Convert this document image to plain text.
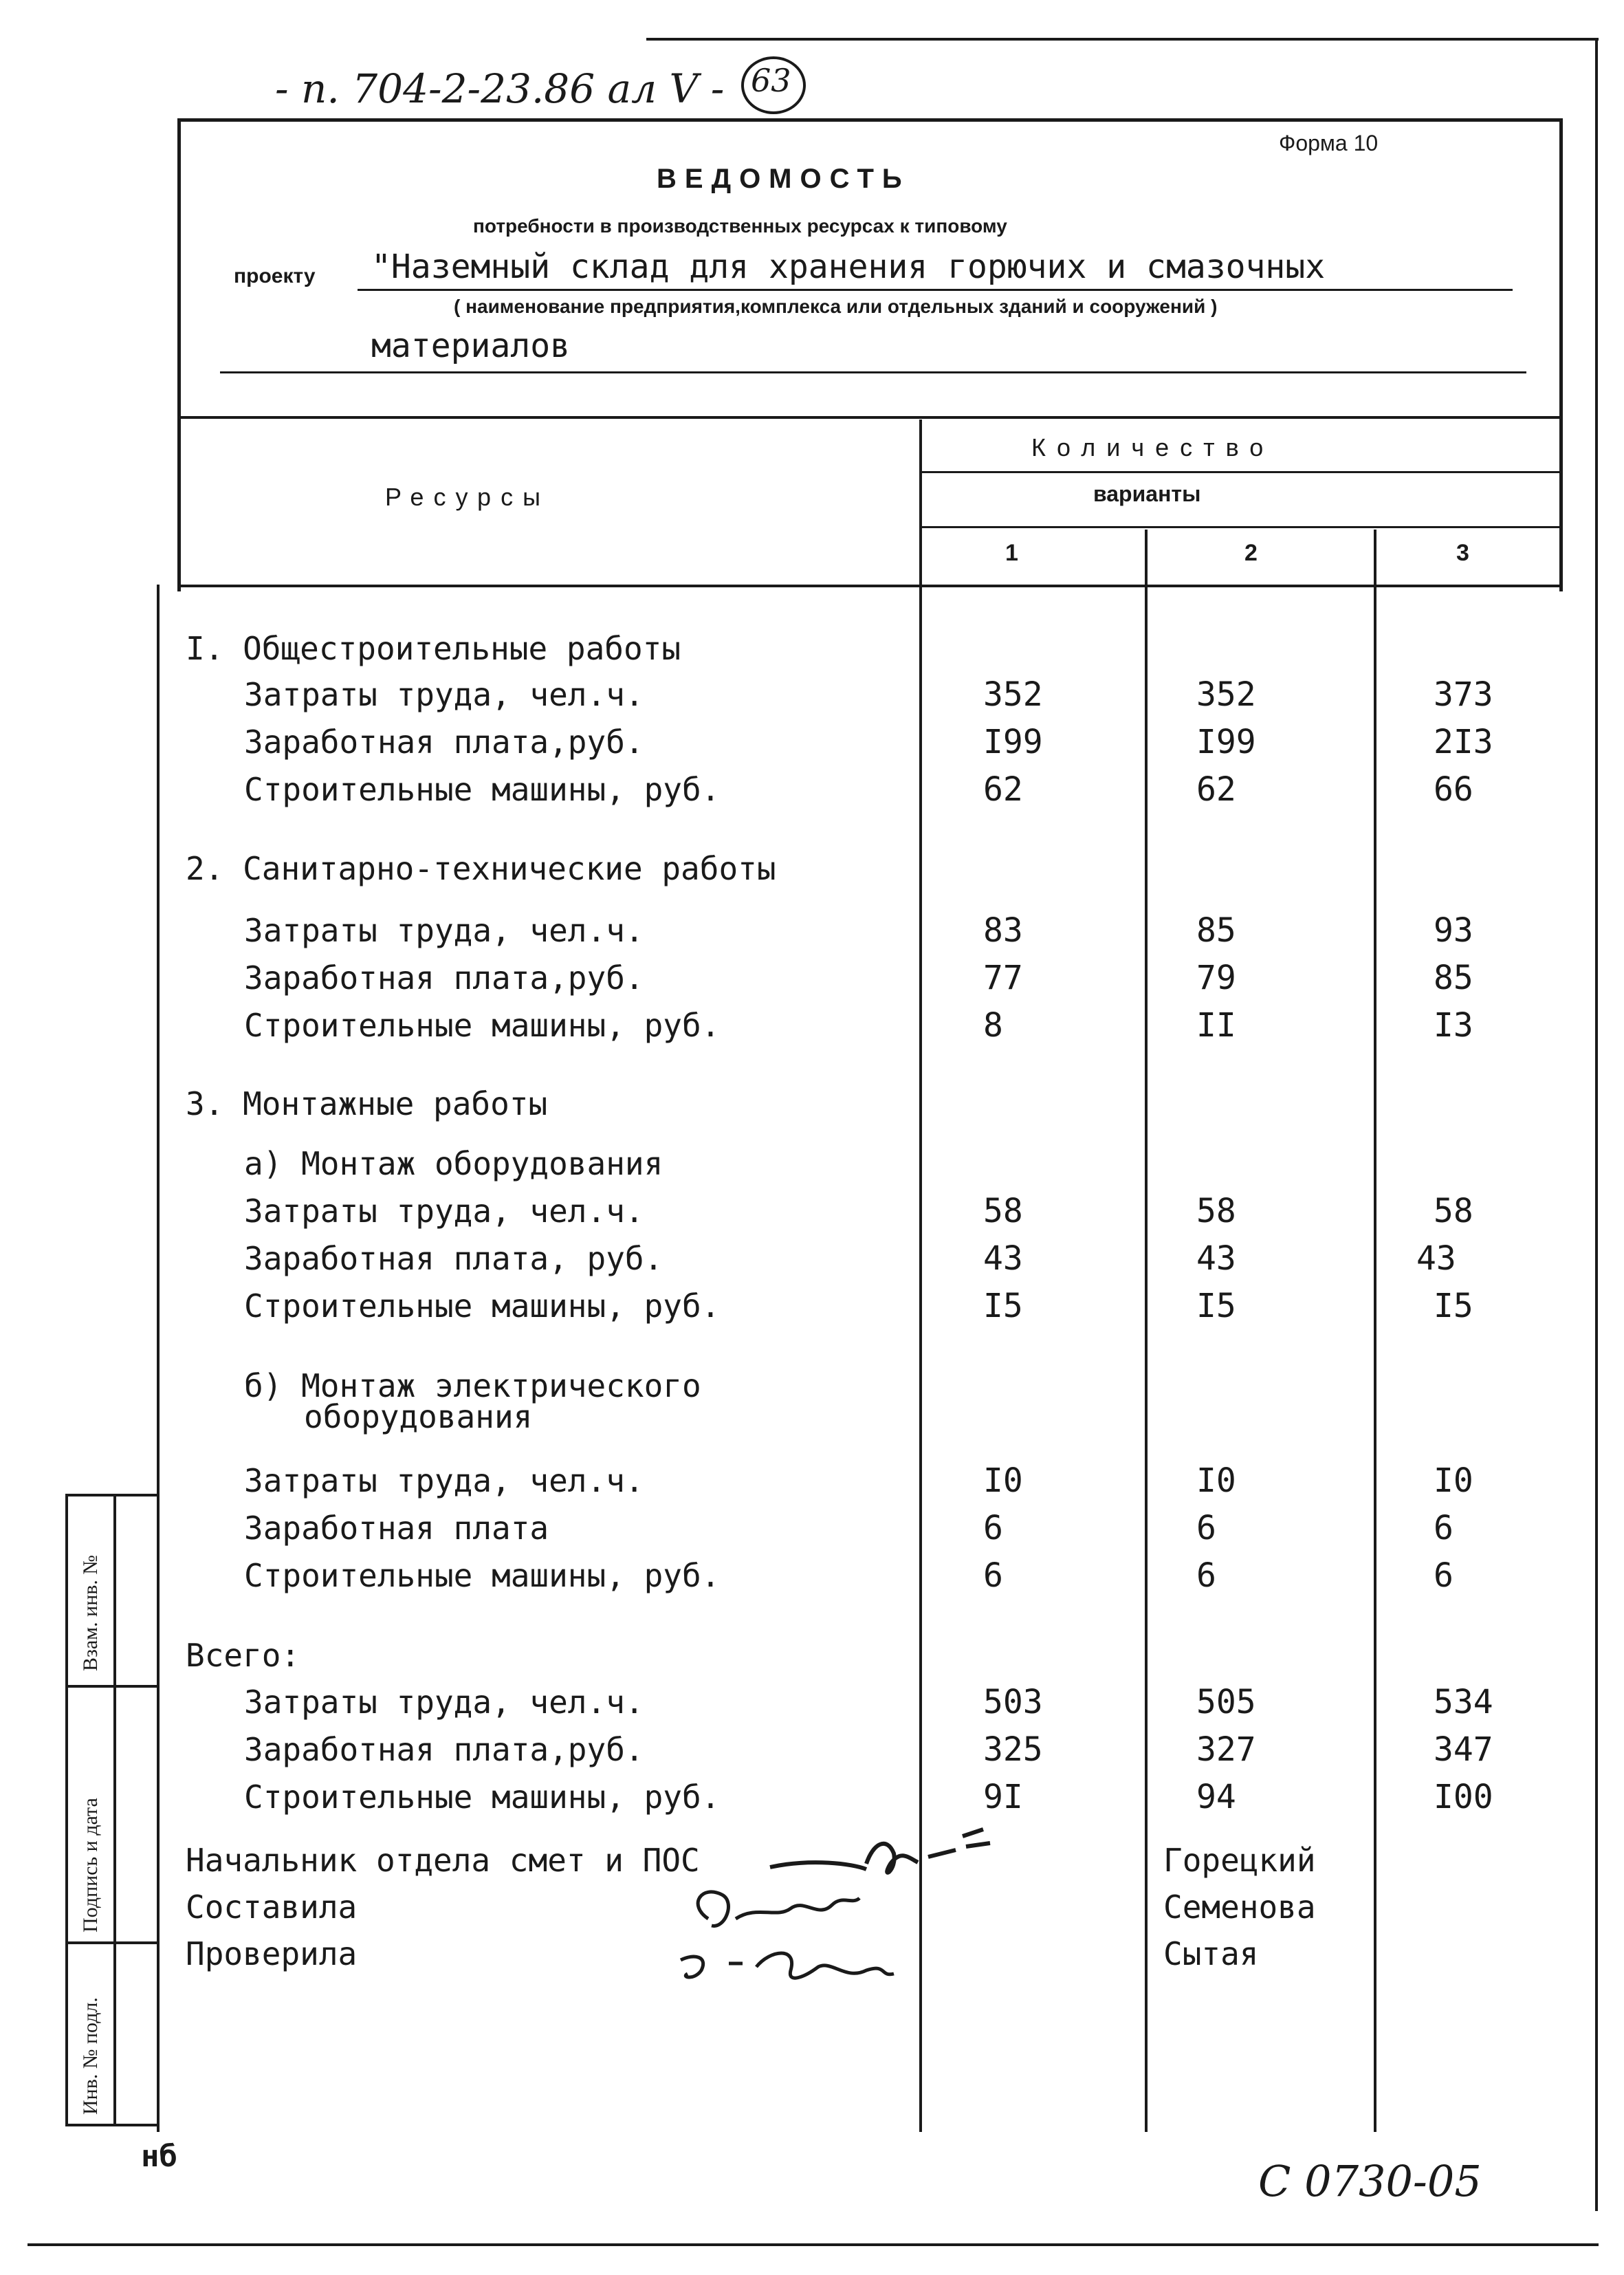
- п. 704-2-23.86 ал V - 63
Форма 10
ВЕДОМОСТЬ
потребности в производственных ресурсах к типовому
проекту "Наземный склад для хранения горючих и смазочных
( наименование предприятия,комплекса или отдельных зданий и сооружений )
материалов
Ресурсы
Количество
варианты
1	2	3
I. Общестроительные работы
Затраты труда, чел.ч.	352	352	373
Заработная плата,руб.	I99	I99	2I3
Строительные машины, руб.	62	62	66
2. Санитарно-технические работы
Затраты труда, чел.ч.	83	85	93
Заработная плата,руб.	77	79	85
Строительные машины, руб.	8	II	I3
3. Монтажные работы
а) Монтаж оборудования
Затраты труда, чел.ч.	58	58	58
Заработная плата, руб.	43	43	43
Строительные машины, руб.	I5	I5	I5
б) Монтаж электрического
оборудования
Затраты труда, чел.ч.	I0	I0	I0
Заработная плата	6	6	6
Строительные машины, руб.	6	6	6
Всего:
Затраты труда, чел.ч.	503	505	534
Заработная плата,руб.	325	327	347
Строительные машины, руб.	9I	94	I00
Начальник отдела смет и ПОС	Горецкий
Составила	Семенова
Проверила	Сытая
Взам. инв. №
Подпись и дата
Инв. № подл.
нб	С 0730-05
